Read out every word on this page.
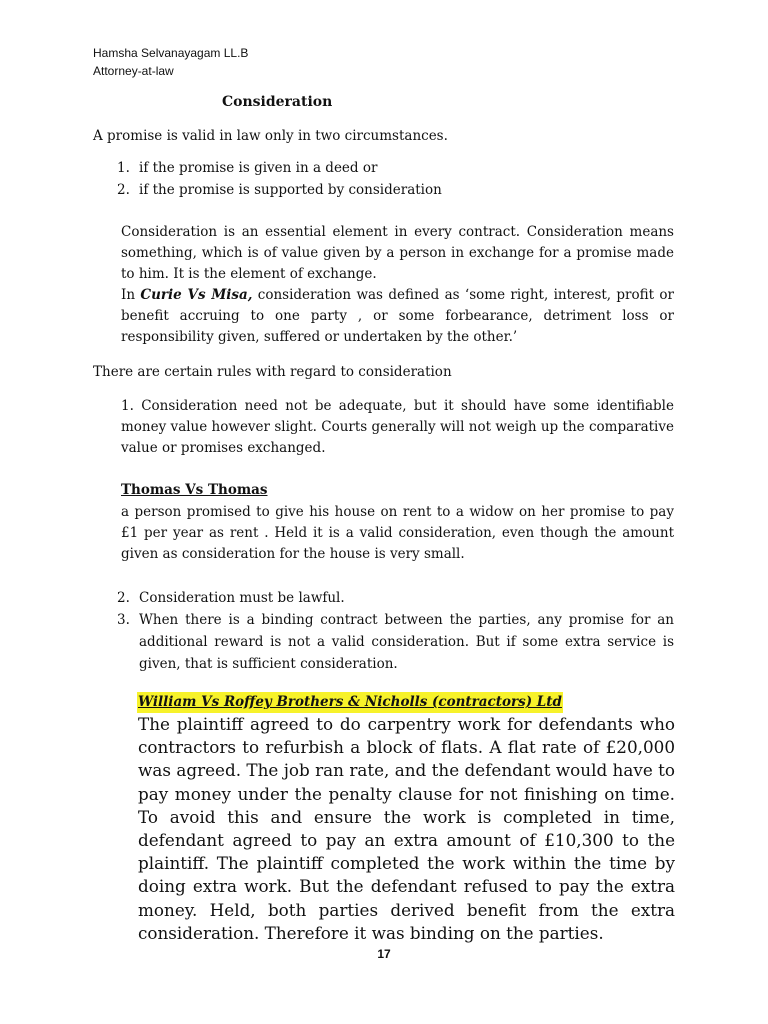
Hamsha Selvanayagam LL.B
Attorney-at-law
Consideration
A promise is valid in law only in two circumstances.
1. if the promise is given in a deed or
2. if the promise is supported by consideration
Consideration is an essential element in every contract. Consideration means something, which is of value given by a person in exchange for a promise made to him. It is the element of exchange.
In Curie Vs Misa, consideration was defined as ‘some right, interest, profit or benefit accruing to one party , or some forbearance, detriment loss or responsibility given, suffered or undertaken by the other.’
There are certain rules with regard to consideration
1. Consideration need not be adequate, but it should have some identifiable money value however slight. Courts generally will not weigh up the comparative value or promises exchanged.
Thomas Vs Thomas
a person promised to give his house on rent to a widow on her promise to pay £1 per year as rent . Held it is a valid consideration, even though the amount given as consideration for the house is very small.
2. Consideration must be lawful.
3. When there is a binding contract between the parties, any promise for an additional reward is not a valid consideration. But if some extra service is given, that is sufficient consideration.
William Vs Roffey Brothers & Nicholls (contractors) Ltd
The plaintiff agreed to do carpentry work for defendants who contractors to refurbish a block of flats. A flat rate of £20,000 was agreed. The job ran rate, and the defendant would have to pay money under the penalty clause for not finishing on time. To avoid this and ensure the work is completed in time, defendant agreed to pay an extra amount of £10,300 to the plaintiff. The plaintiff completed the work within the time by doing extra work. But the defendant refused to pay the extra money. Held, both parties derived benefit from the extra consideration. Therefore it was binding on the parties.
17
